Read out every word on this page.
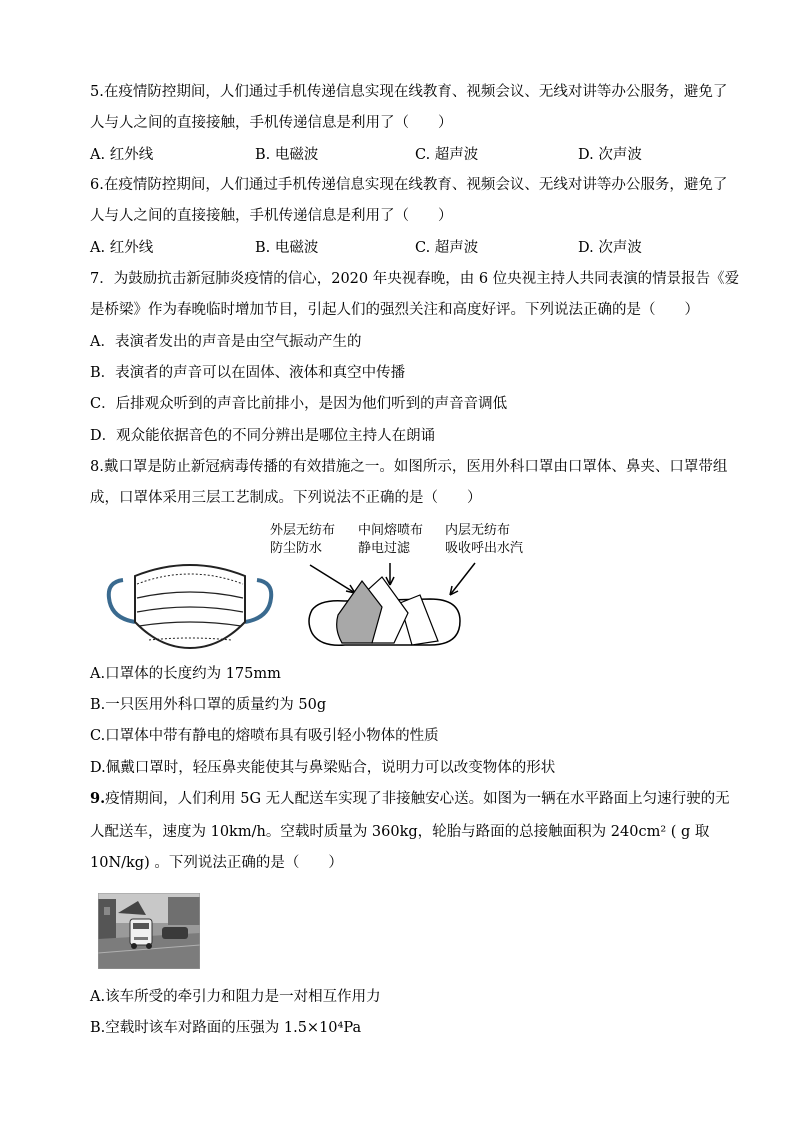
5.在疫情防控期间，人们通过手机传递信息实现在线教育、视频会议、无线对讲等办公服务，避免了
人与人之间的直接接触，手机传递信息是利用了（　　）
A. 红外线	B. 电磁波	C. 超声波	D. 次声波
6.在疫情防控期间，人们通过手机传递信息实现在线教育、视频会议、无线对讲等办公服务，避免了
人与人之间的直接接触，手机传递信息是利用了（　　）
A. 红外线	B. 电磁波	C. 超声波	D. 次声波
7．为鼓励抗击新冠肺炎疫情的信心，2020 年央视春晚，由 6 位央视主持人共同表演的情景报告《爱
是桥梁》作为春晚临时增加节目，引起人们的强烈关注和高度好评。下列说法正确的是（　　）
A．表演者发出的声音是由空气振动产生的
B．表演者的声音可以在固体、液体和真空中传播
C．后排观众听到的声音比前排小，是因为他们听到的声音音调低
D．观众能依据音色的不同分辨出是哪位主持人在朗诵
8.戴口罩是防止新冠病毒传播的有效措施之一。如图所示，医用外科口罩由口罩体、鼻夹、口罩带组
成，口罩体采用三层工艺制成。下列说法不正确的是（　　）
外层无纺布
防尘防水
中间熔喷布
静电过滤
内层无纺布
吸收呼出水汽
A.口罩体的长度约为 175mm
B.一只医用外科口罩的质量约为 50g
C.口罩体中带有静电的熔喷布具有吸引轻小物体的性质
D.佩戴口罩时，轻压鼻夹能使其与鼻梁贴合，说明力可以改变物体的形状
9.疫情期间，人们利用 5G 无人配送车实现了非接触安心送。如图为一辆在水平路面上匀速行驶的无
人配送车，速度为 10km/h。空载时质量为 360kg，轮胎与路面的总接触面积为 240cm² ( g 取
10N/kg) 。下列说法正确的是（　　）
A.该车所受的牵引力和阻力是一对相互作用力
B.空载时该车对路面的压强为 1.5×10⁴Pa
